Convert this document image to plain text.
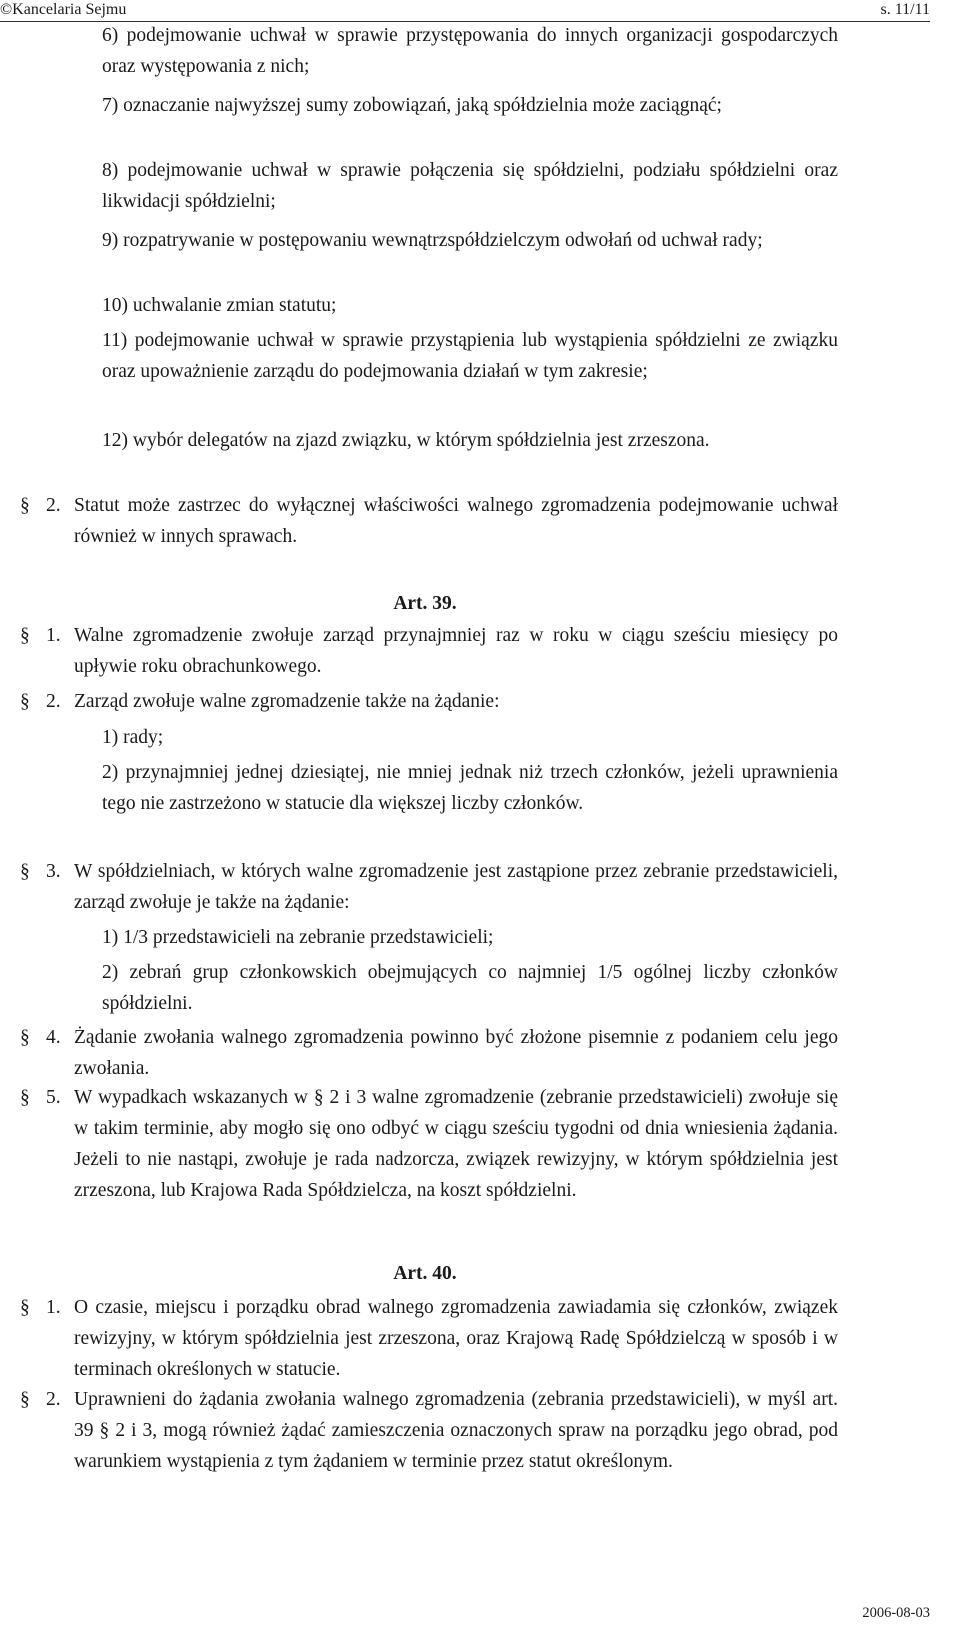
©Kancelaria Sejmu	s. 11/11
6) podejmowanie uchwał w sprawie przystępowania do innych organizacji gospodarczych oraz występowania z nich;
7) oznaczanie najwyższej sumy zobowiązań, jaką spółdzielnia może zaciągnąć;
8) podejmowanie uchwał w sprawie połączenia się spółdzielni, podziału spółdzielni oraz likwidacji spółdzielni;
9) rozpatrywanie w postępowaniu wewnątrzspółdzielczym odwołań od uchwał rady;
10) uchwalanie zmian statutu;
11) podejmowanie uchwał w sprawie przystąpienia lub wystąpienia spółdzielni ze związku oraz upoważnienie zarządu do podejmowania działań w tym zakresie;
12) wybór delegatów na zjazd związku, w którym spółdzielnia jest zrzeszona.
§ 2. Statut może zastrzec do wyłącznej właściwości walnego zgromadzenia podejmowanie uchwał również w innych sprawach.
Art. 39.
§ 1. Walne zgromadzenie zwołuje zarząd przynajmniej raz w roku w ciągu sześciu miesięcy po upływie roku obrachunkowego.
§ 2. Zarząd zwołuje walne zgromadzenie także na żądanie:
1) rady;
2) przynajmniej jednej dziesiątej, nie mniej jednak niż trzech członków, jeżeli uprawnienia tego nie zastrzeżono w statucie dla większej liczby członków.
§ 3. W spółdzielniach, w których walne zgromadzenie jest zastąpione przez zebranie przedstawicieli, zarząd zwołuje je także na żądanie:
1) 1/3 przedstawicieli na zebranie przedstawicieli;
2) zebrań grup członkowskich obejmujących co najmniej 1/5 ogólnej liczby członków spółdzielni.
§ 4. Żądanie zwołania walnego zgromadzenia powinno być złożone pisemnie z podaniem celu jego zwołania.
§ 5. W wypadkach wskazanych w § 2 i 3 walne zgromadzenie (zebranie przedstawicieli) zwołuje się w takim terminie, aby mogło się ono odbyć w ciągu sześciu tygodni od dnia wniesienia żądania. Jeżeli to nie nastąpi, zwołuje je rada nadzorcza, związek rewizyjny, w którym spółdzielnia jest zrzeszona, lub Krajowa Rada Spółdzielcza, na koszt spółdzielni.
Art. 40.
§ 1. O czasie, miejscu i porządku obrad walnego zgromadzenia zawiadamia się członków, związek rewizyjny, w którym spółdzielnia jest zrzeszona, oraz Krajową Radę Spółdzielczą w sposób i w terminach określonych w statucie.
§ 2. Uprawnieni do żądania zwołania walnego zgromadzenia (zebrania przedstawicieli), w myśl art. 39 § 2 i 3, mogą również żądać zamieszczenia oznaczonych spraw na porządku jego obrad, pod warunkiem wystąpienia z tym żądaniem w terminie przez statut określonym.
2006-08-03
